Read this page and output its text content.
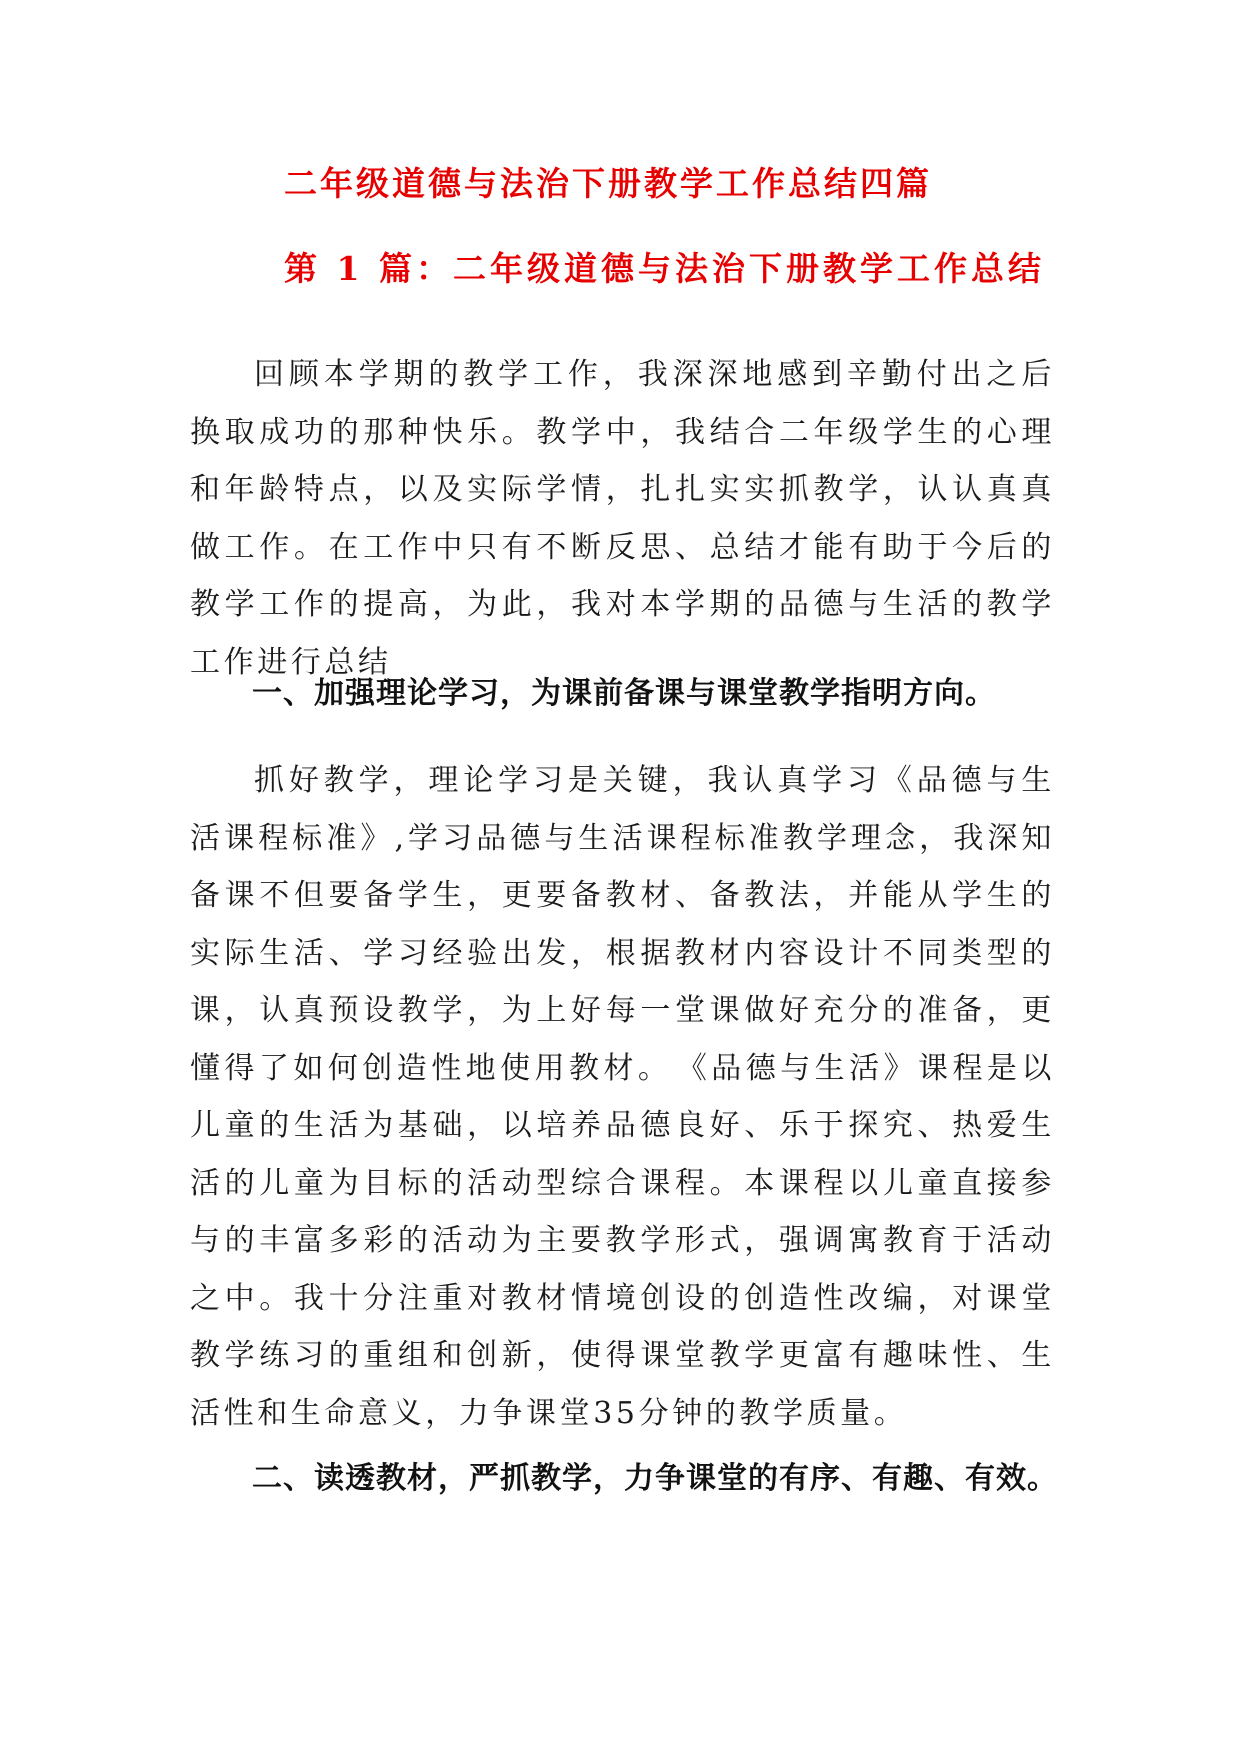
二年级道德与法治下册教学工作总结四篇
第 1 篇：二年级道德与法治下册教学工作总结

回顾本学期的教学工作，我深深地感到辛勤付出之后换取成功的那种快乐。教学中，我结合二年级学生的心理和年龄特点，以及实际学情，扎扎实实抓教学，认认真真做工作。在工作中只有不断反思、总结才能有助于今后的教学工作的提高，为此，我对本学期的品德与生活的教学工作进行总结

一、加强理论学习，为课前备课与课堂教学指明方向。

抓好教学，理论学习是关键，我认真学习《品德与生活课程标准》,学习品德与生活课程标准教学理念，我深知备课不但要备学生，更要备教材、备教法，并能从学生的实际生活、学习经验出发，根据教材内容设计不同类型的课，认真预设教学，为上好每一堂课做好充分的准备，更懂得了如何创造性地使用教材。　《品德与生活》课程是以儿童的生活为基础，以培养品德良好、乐于探究、热爱生活的儿童为目标的活动型综合课程。本课程以儿童直接参与的丰富多彩的活动为主要教学形式，强调寓教育于活动之中。我十分注重对教材情境创设的创造性改编，对课堂教学练习的重组和创新，使得课堂教学更富有趣味性、生活性和生命意义，力争课堂35分钟的教学质量。

二、读透教材，严抓教学，力争课堂的有序、有趣、有效。
